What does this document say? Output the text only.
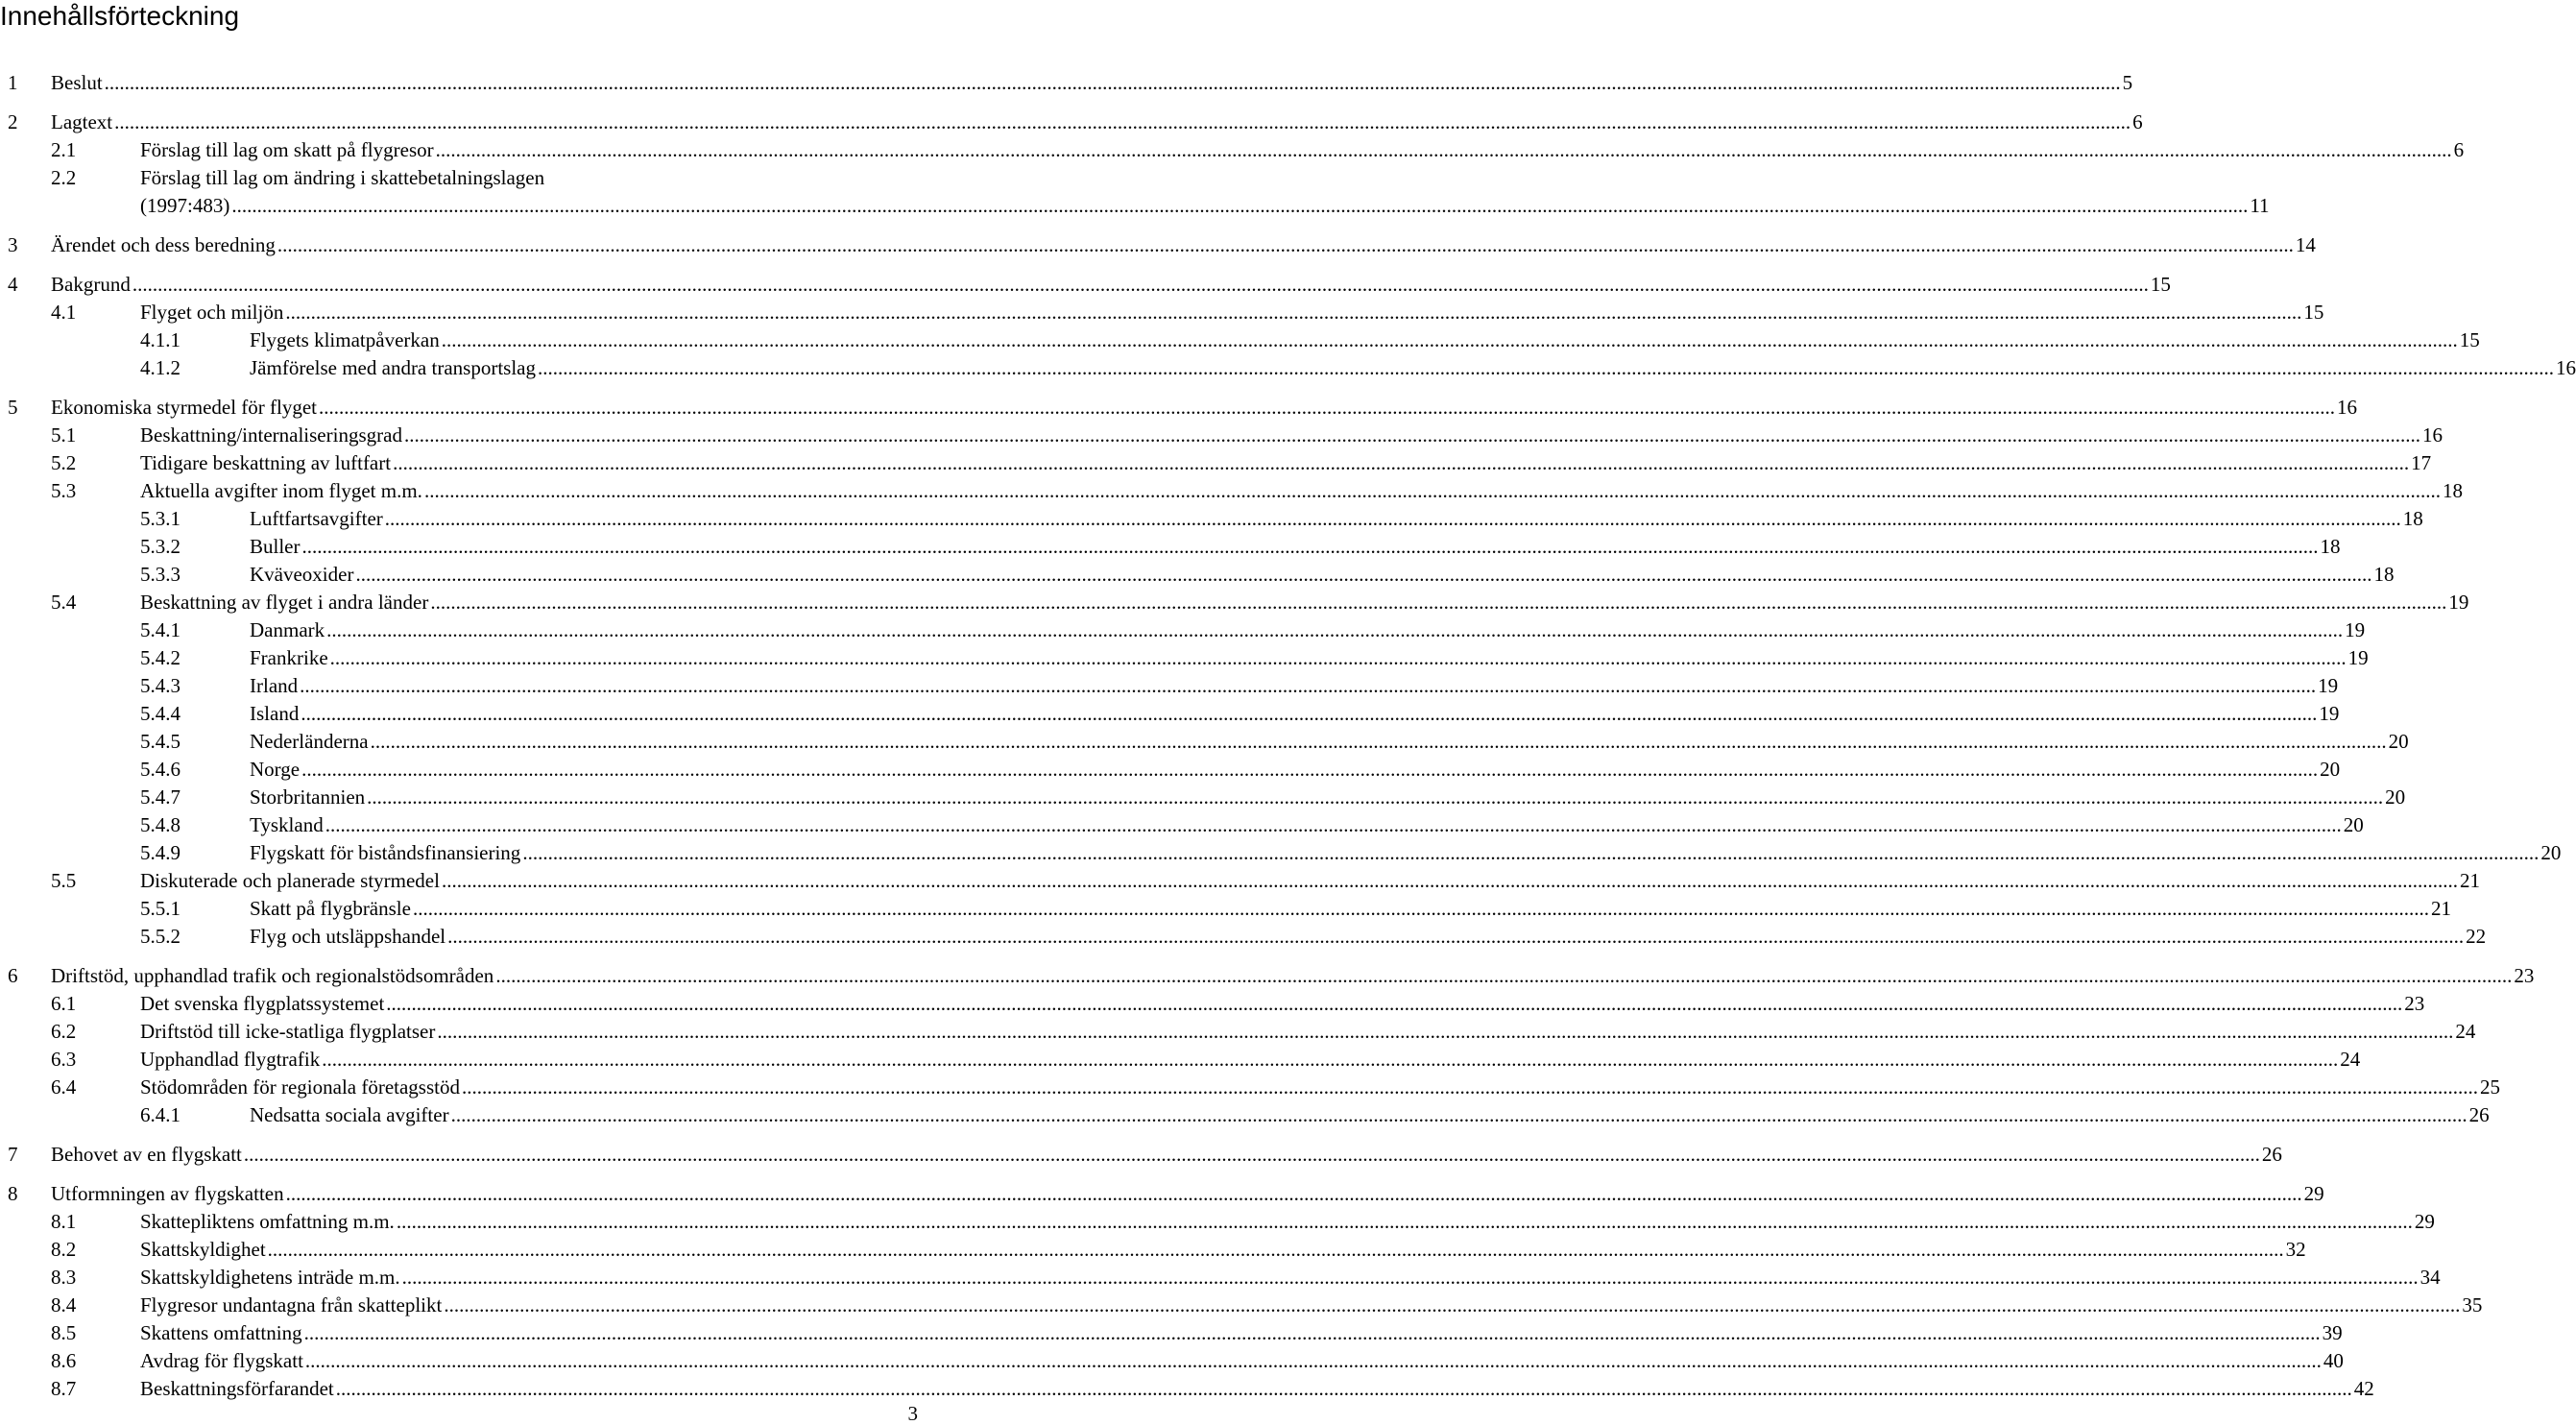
Innehållsförteckning
1 Beslut ................................................................................................................................................................................................................................................................................................................................................................................................................ 5
2 Lagtext ................................................................................................................................................................................................................................................................................................................................................................................................................ 6
2.1	Förslag till lag om skatt på flygresor ................................................................................................................................................................................................................................................................................................................................................................................................................ 6
2.2	Förslag till lag om ändring i skattebetalningslagen
(1997:483) ................................................................................................................................................................................................................................................................................................................................................................................................................ 11
3 Ärendet och dess beredning ................................................................................................................................................................................................................................................................................................................................................................................................................ 14
4 Bakgrund ................................................................................................................................................................................................................................................................................................................................................................................................................ 15
4.1	Flyget och miljön ................................................................................................................................................................................................................................................................................................................................................................................................................ 15
4.1.1	Flygets klimatpåverkan ................................................................................................................................................................................................................................................................................................................................................................................................................ 15
4.1.2	Jämförelse med andra transportslag ................................................................................................................................................................................................................................................................................................................................................................................................................ 16
5 Ekonomiska styrmedel för flyget ................................................................................................................................................................................................................................................................................................................................................................................................................ 16
5.1	Beskattning/internaliseringsgrad ................................................................................................................................................................................................................................................................................................................................................................................................................ 16
5.2	Tidigare beskattning av luftfart ................................................................................................................................................................................................................................................................................................................................................................................................................ 17
5.3	Aktuella avgifter inom flyget m.m. ................................................................................................................................................................................................................................................................................................................................................................................................................ 18
5.3.1	Luftfartsavgifter ................................................................................................................................................................................................................................................................................................................................................................................................................ 18
5.3.2	Buller ................................................................................................................................................................................................................................................................................................................................................................................................................ 18
5.3.3	Kväveoxider ................................................................................................................................................................................................................................................................................................................................................................................................................ 18
5.4	Beskattning av flyget i andra länder ................................................................................................................................................................................................................................................................................................................................................................................................................ 19
5.4.1	Danmark ................................................................................................................................................................................................................................................................................................................................................................................................................ 19
5.4.2	Frankrike ................................................................................................................................................................................................................................................................................................................................................................................................................ 19
5.4.3	Irland ................................................................................................................................................................................................................................................................................................................................................................................................................ 19
5.4.4	Island ................................................................................................................................................................................................................................................................................................................................................................................................................ 19
5.4.5	Nederländerna ................................................................................................................................................................................................................................................................................................................................................................................................................ 20
5.4.6	Norge ................................................................................................................................................................................................................................................................................................................................................................................................................ 20
5.4.7	Storbritannien ................................................................................................................................................................................................................................................................................................................................................................................................................ 20
5.4.8	Tyskland ................................................................................................................................................................................................................................................................................................................................................................................................................ 20
5.4.9	Flygskatt för biståndsfinansiering ................................................................................................................................................................................................................................................................................................................................................................................................................ 20
5.5	Diskuterade och planerade styrmedel ................................................................................................................................................................................................................................................................................................................................................................................................................ 21
5.5.1	Skatt på flygbränsle ................................................................................................................................................................................................................................................................................................................................................................................................................ 21
5.5.2	Flyg och utsläppshandel ................................................................................................................................................................................................................................................................................................................................................................................................................ 22
6 Driftstöd, upphandlad trafik och regionalstödsområden ................................................................................................................................................................................................................................................................................................................................................................................................................ 23
6.1	Det svenska flygplatssystemet ................................................................................................................................................................................................................................................................................................................................................................................................................ 23
6.2	Driftstöd till icke-statliga flygplatser ................................................................................................................................................................................................................................................................................................................................................................................................................ 24
6.3	Upphandlad flygtrafik ................................................................................................................................................................................................................................................................................................................................................................................................................ 24
6.4	Stödområden för regionala företagsstöd ................................................................................................................................................................................................................................................................................................................................................................................................................ 25
6.4.1	Nedsatta sociala avgifter ................................................................................................................................................................................................................................................................................................................................................................................................................ 26
7 Behovet av en flygskatt ................................................................................................................................................................................................................................................................................................................................................................................................................ 26
8 Utformningen av flygskatten ................................................................................................................................................................................................................................................................................................................................................................................................................ 29
8.1	Skattepliktens omfattning m.m. ................................................................................................................................................................................................................................................................................................................................................................................................................ 29
8.2	Skattskyldighet ................................................................................................................................................................................................................................................................................................................................................................................................................ 32
8.3	Skattskyldighetens inträde m.m. ................................................................................................................................................................................................................................................................................................................................................................................................................ 34
8.4	Flygresor undantagna från skatteplikt ................................................................................................................................................................................................................................................................................................................................................................................................................ 35
8.5	Skattens omfattning ................................................................................................................................................................................................................................................................................................................................................................................................................ 39
8.6	Avdrag för flygskatt ................................................................................................................................................................................................................................................................................................................................................................................................................ 40
8.7	Beskattningsförfarandet ................................................................................................................................................................................................................................................................................................................................................................................................................ 42
3
